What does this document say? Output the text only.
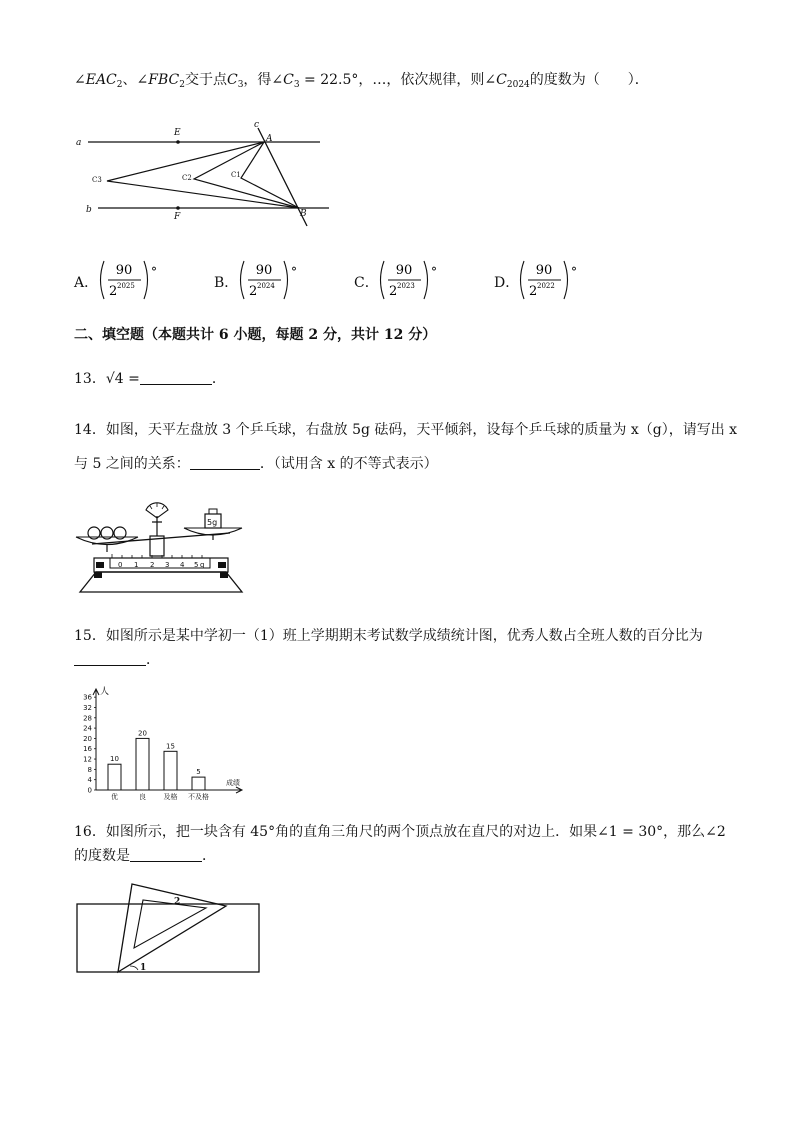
$\angle EAC_2$、$\angle FBC_2$交于点$C_3$，得$\angle C_3 = 22.5^\circ$，…，依次规律，则$\angle C_{2024}$的度数为（　　）．
a
b
c
E
F
A
B
C1
C2
C3
A．
90
2 2025
°
B．
90
2 2024
°
C．
90
2 2023
°
D．
90
2 2022
°
二、填空题（本题共计 6 小题，每题 2 分，共计 12 分）
13．√4 =	．
14．如图，天平左盘放 3 个乒乓球，右盘放 5g 砝码，天平倾斜，设每个乒乓球的质量为 x（g），请写出 x
与 5 之间的关系：	．（试用含 x 的不等式表示）
0 1 2 3 4 5 g
5g
15．如图所示是某中学初一（1）班上学期期末考试数学成绩统计图，优秀人数占全班人数的百分比为
．
人
成绩
0
4
8
12
16
20
24
28
32
36
10
优
20
良
15
及格
5
不及格
16．如图所示，把一块含有 45°角的直角三角尺的两个顶点放在直尺的对边上．如果∠1 = 30°，那么∠2
的度数是	．
1
2
